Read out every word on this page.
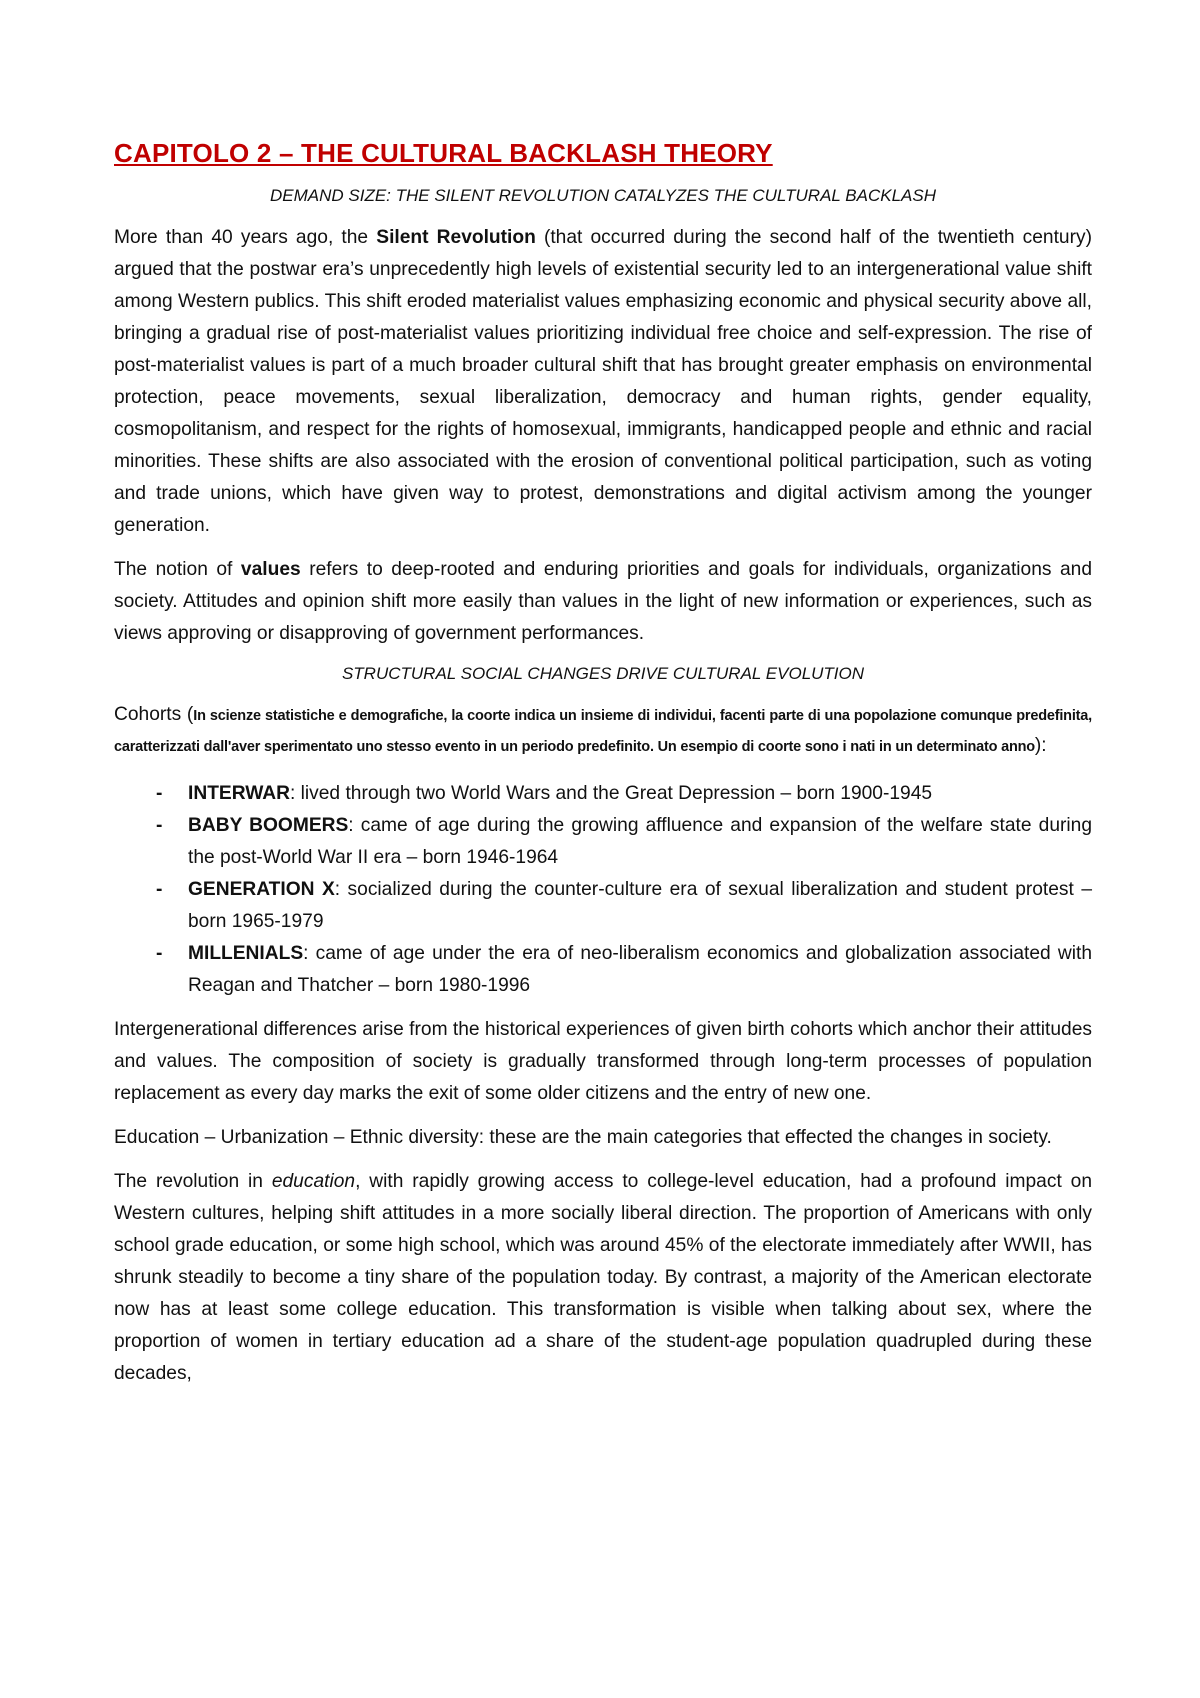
CAPITOLO 2 – THE CULTURAL BACKLASH THEORY
DEMAND SIZE: THE SILENT REVOLUTION CATALYZES THE CULTURAL BACKLASH

More than 40 years ago, the Silent Revolution (that occurred during the second half of the twentieth century) argued that the postwar era’s unprecedently high levels of existential security led to an intergenerational value shift among Western publics. This shift eroded materialist values emphasizing economic and physical security above all, bringing a gradual rise of post-materialist values prioritizing individual free choice and self-expression. The rise of post-materialist values is part of a much broader cultural shift that has brought greater emphasis on environmental protection, peace movements, sexual liberalization, democracy and human rights, gender equality, cosmopolitanism, and respect for the rights of homosexual, immigrants, handicapped people and ethnic and racial minorities. These shifts are also associated with the erosion of conventional political participation, such as voting and trade unions, which have given way to protest, demonstrations and digital activism among the younger generation.

The notion of values refers to deep-rooted and enduring priorities and goals for individuals, organizations and society. Attitudes and opinion shift more easily than values in the light of new information or experiences, such as views approving or disapproving of government performances.

STRUCTURAL SOCIAL CHANGES DRIVE CULTURAL EVOLUTION

Cohorts (In scienze statistiche e demografiche, la coorte indica un insieme di individui, facenti parte di una popolazione comunque predefinita, caratterizzati dall'aver sperimentato uno stesso evento in un periodo predefinito. Un esempio di coorte sono i nati in un determinato anno):

- INTERWAR: lived through two World Wars and the Great Depression – born 1900-1945
- BABY BOOMERS: came of age during the growing affluence and expansion of the welfare state during the post-World War II era – born 1946-1964
- GENERATION X: socialized during the counter-culture era of sexual liberalization and student protest – born 1965-1979
- MILLENIALS: came of age under the era of neo-liberalism economics and globalization associated with Reagan and Thatcher – born 1980-1996

Intergenerational differences arise from the historical experiences of given birth cohorts which anchor their attitudes and values. The composition of society is gradually transformed through long-term processes of population replacement as every day marks the exit of some older citizens and the entry of new one.

Education – Urbanization – Ethnic diversity: these are the main categories that effected the changes in society.

The revolution in education, with rapidly growing access to college-level education, had a profound impact on Western cultures, helping shift attitudes in a more socially liberal direction. The proportion of Americans with only school grade education, or some high school, which was around 45% of the electorate immediately after WWII, has shrunk steadily to become a tiny share of the population today. By contrast, a majority of the American electorate now has at least some college education. This transformation is visible when talking about sex, where the proportion of women in tertiary education ad a share of the student-age population quadrupled during these decades,
